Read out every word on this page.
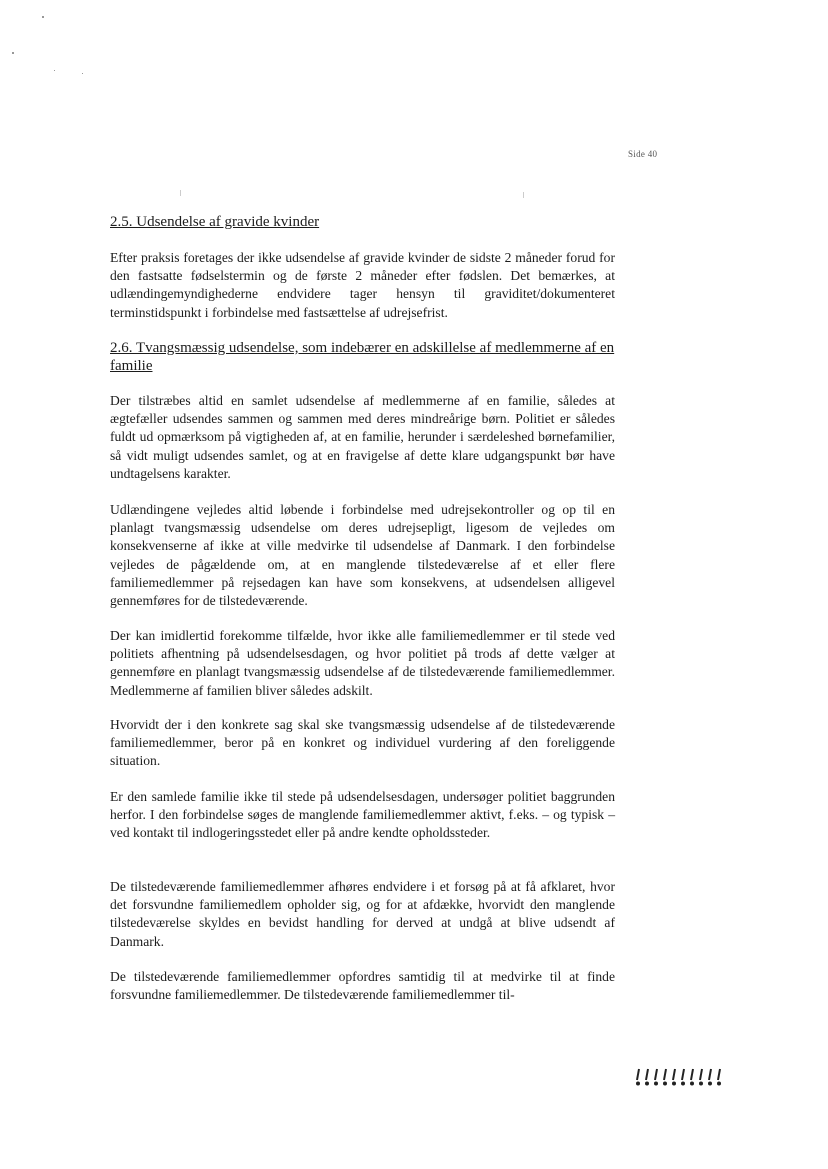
Side 40
2.5. Udsendelse af gravide kvinder

Efter praksis foretages der ikke udsendelse af gravide kvinder de sidste 2 måneder forud for den fastsatte fødselstermin og de første 2 måneder efter fødslen. Det bemærkes, at udlændingemyndighederne endvidere tager hensyn til graviditet/dokumenteret terminstidspunkt i forbindelse med fastsættelse af udrejsefrist.

2.6. Tvangsmæssig udsendelse, som indebærer en adskillelse af medlemmerne af en familie

Der tilstræbes altid en samlet udsendelse af medlemmerne af en familie, således at ægtefæller udsendes sammen og sammen med deres mindreårige børn. Politiet er således fuldt ud opmærksom på vigtigheden af, at en familie, herunder i særdeleshed børnefamilier, så vidt muligt udsendes samlet, og at en fravigelse af dette klare udgangspunkt bør have undtagelsens karakter.

Udlændingene vejledes altid løbende i forbindelse med udrejsekontroller og op til en planlagt tvangsmæssig udsendelse om deres udrejsepligt, ligesom de vejledes om konsekvenserne af ikke at ville medvirke til udsendelse af Danmark. I den forbindelse vejledes de pågældende om, at en manglende tilstedeværelse af et eller flere familiemedlemmer på rejsedagen kan have som konsekvens, at udsendelsen alligevel gennemføres for de tilstedeværende.

Der kan imidlertid forekomme tilfælde, hvor ikke alle familiemedlemmer er til stede ved politiets afhentning på udsendelsesdagen, og hvor politiet på trods af dette vælger at gennemføre en planlagt tvangsmæssig udsendelse af de tilstedeværende familiemedlemmer. Medlemmerne af familien bliver således adskilt.

Hvorvidt der i den konkrete sag skal ske tvangsmæssig udsendelse af de tilstedeværende familiemedlemmer, beror på en konkret og individuel vurdering af den foreliggende situation.

Er den samlede familie ikke til stede på udsendelsesdagen, undersøger politiet baggrunden herfor. I den forbindelse søges de manglende familiemedlemmer aktivt, f.eks. – og typisk – ved kontakt til indlogeringsstedet eller på andre kendte opholdssteder.

De tilstedeværende familiemedlemmer afhøres endvidere i et forsøg på at få afklaret, hvor det forsvundne familiemedlem opholder sig, og for at afdække, hvorvidt den manglende tilstedeværelse skyldes en bevidst handling for derved at undgå at blive udsendt af Danmark.

De tilstedeværende familiemedlemmer opfordres samtidig til at medvirke til at finde forsvundne familiemedlemmer. De tilstedeværende familiemedlemmer til-
